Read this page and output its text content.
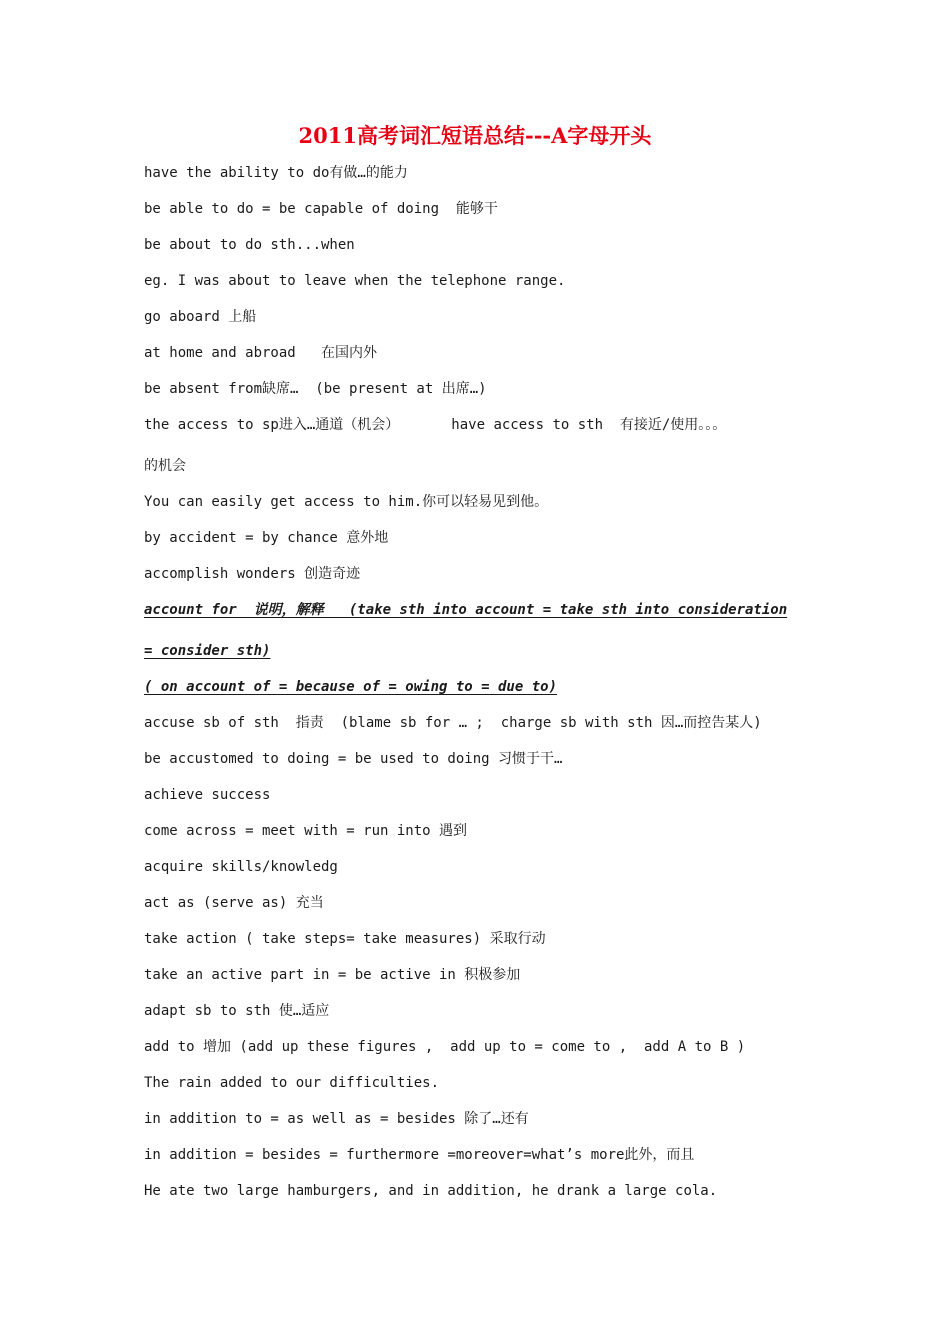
2011高考词汇短语总结---A字母开头
have the ability to do有做…的能力
be able to do = be capable of doing  能够干
be about to do sth...when
eg. I was about to leave when the telephone range.
go aboard 上船
at home and abroad   在国内外
be absent from缺席…  (be present at 出席…)
the access to sp进入…通道（机会）	have access to sth  有接近/使用。。。
的机会
You can easily get access to him.你可以轻易见到他。
by accident = by chance 意外地
accomplish wonders 创造奇迹
account for  说明，解释   (take sth into account = take sth into consideration
= consider sth)
( on account of = because of = owing to = due to)
accuse sb of sth  指责  (blame sb for … ;  charge sb with sth 因…而控告某人)
be accustomed to doing = be used to doing 习惯于干…
achieve success
come across = meet with = run into 遇到
acquire skills/knowledg
act as (serve as) 充当
take action ( take steps= take measures) 采取行动
take an active part in = be active in 积极参加
adapt sb to sth 使…适应
add to 增加 (add up these figures ,  add up to = come to ,  add A to B )
The rain added to our difficulties.
in addition to = as well as = besides 除了…还有
in addition = besides = furthermore =moreover=what’s more此外，而且
He ate two large hamburgers, and in addition, he drank a large cola.
